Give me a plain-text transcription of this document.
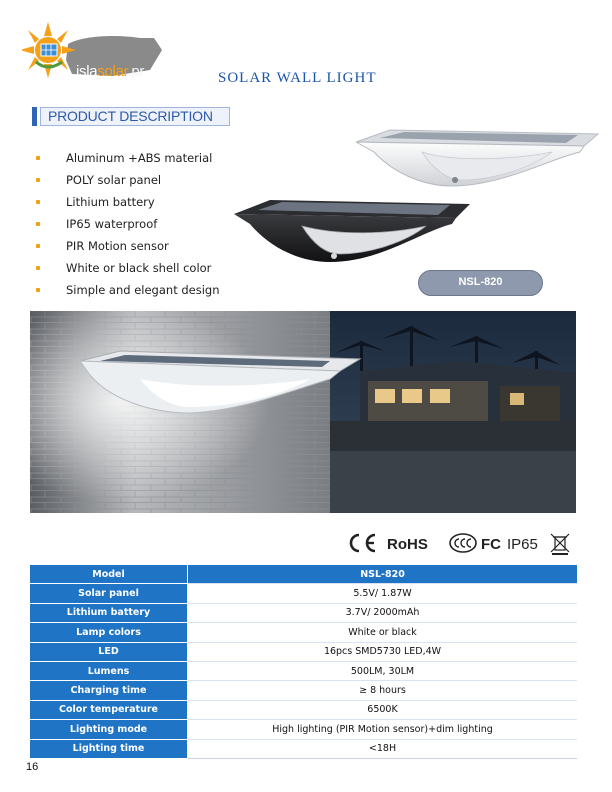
islasolar.pr	SOLAR WALL LIGHT
PRODUCT DESCRIPTION
Aluminum +ABS material
POLY solar panel
Lithium battery
IP65 waterproof
PIR Motion sensor
White or black shell color
Simple and elegant design
NSL-820
RoHS	FC IP65
Model	NSL-820
Solar panel	5.5V/ 1.87W
Lithium battery	3.7V/ 2000mAh
Lamp colors	White or black
LED	16pcs SMD5730 LED,4W
Lumens	500LM, 30LM
Charging time	≥ 8 hours
Color temperature	6500K
Lighting mode	High lighting (PIR Motion sensor)+dim lighting
Lighting time	<18H
16
